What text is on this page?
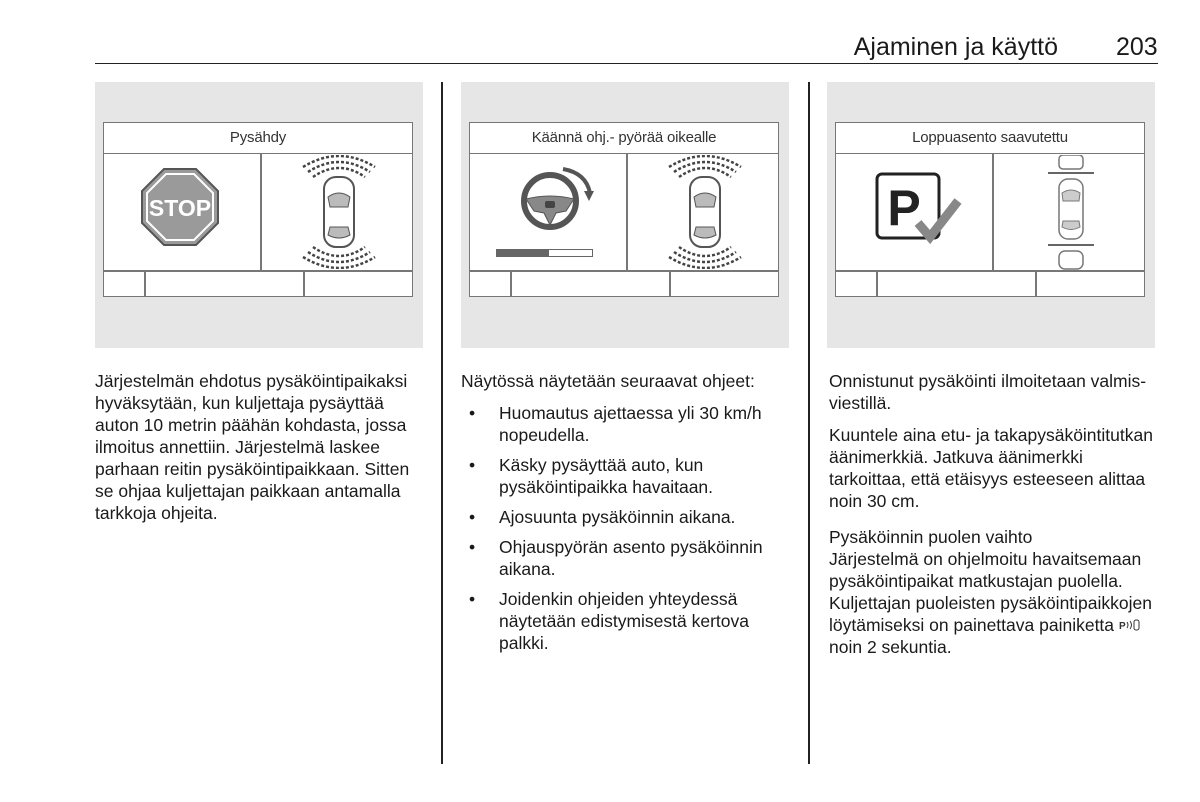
Ajaminen ja käyttö 203
Pysähdy
STOP
Käännä ohj.- pyörää oikealle	Loppuasento saavutettu
P

Järjestelmän ehdotus pysäköintipaikaksi hyväksytään, kun kuljettaja pysäyttää auton 10 metrin päähän kohdasta, jossa ilmoitus annettiin. Järjestelmä laskee parhaan reitin pysäköintipaikkaan. Sitten se ohjaa kuljettajan paikkaan antamalla tarkkoja ohjeita.

Näytössä näytetään seuraavat ohjeet:

• Huomautus ajettaessa yli 30 km/h nopeudella.
• Käsky pysäyttää auto, kun pysäköintipaikka havaitaan.
• Ajosuunta pysäköinnin aikana.
• Ohjauspyörän asento pysäköinnin aikana.
• Joidenkin ohjeiden yhteydessä näytetään edistymisestä kertova palkki.

Onnistunut pysäköinti ilmoitetaan valmis-viestillä.

Kuuntele aina etu- ja takapysäköintitutkan äänimerkkiä. Jatkuva äänimerkki tarkoittaa, että etäisyys esteeseen alittaa noin 30 cm.

Pysäköinnin puolen vaihto

Järjestelmä on ohjelmoitu havaitsemaan pysäköintipaikat matkustajan puolella. Kuljettajan puoleisten pysäköintipaikkojen löytämiseksi on painettava painiketta P
noin 2 sekuntia.
